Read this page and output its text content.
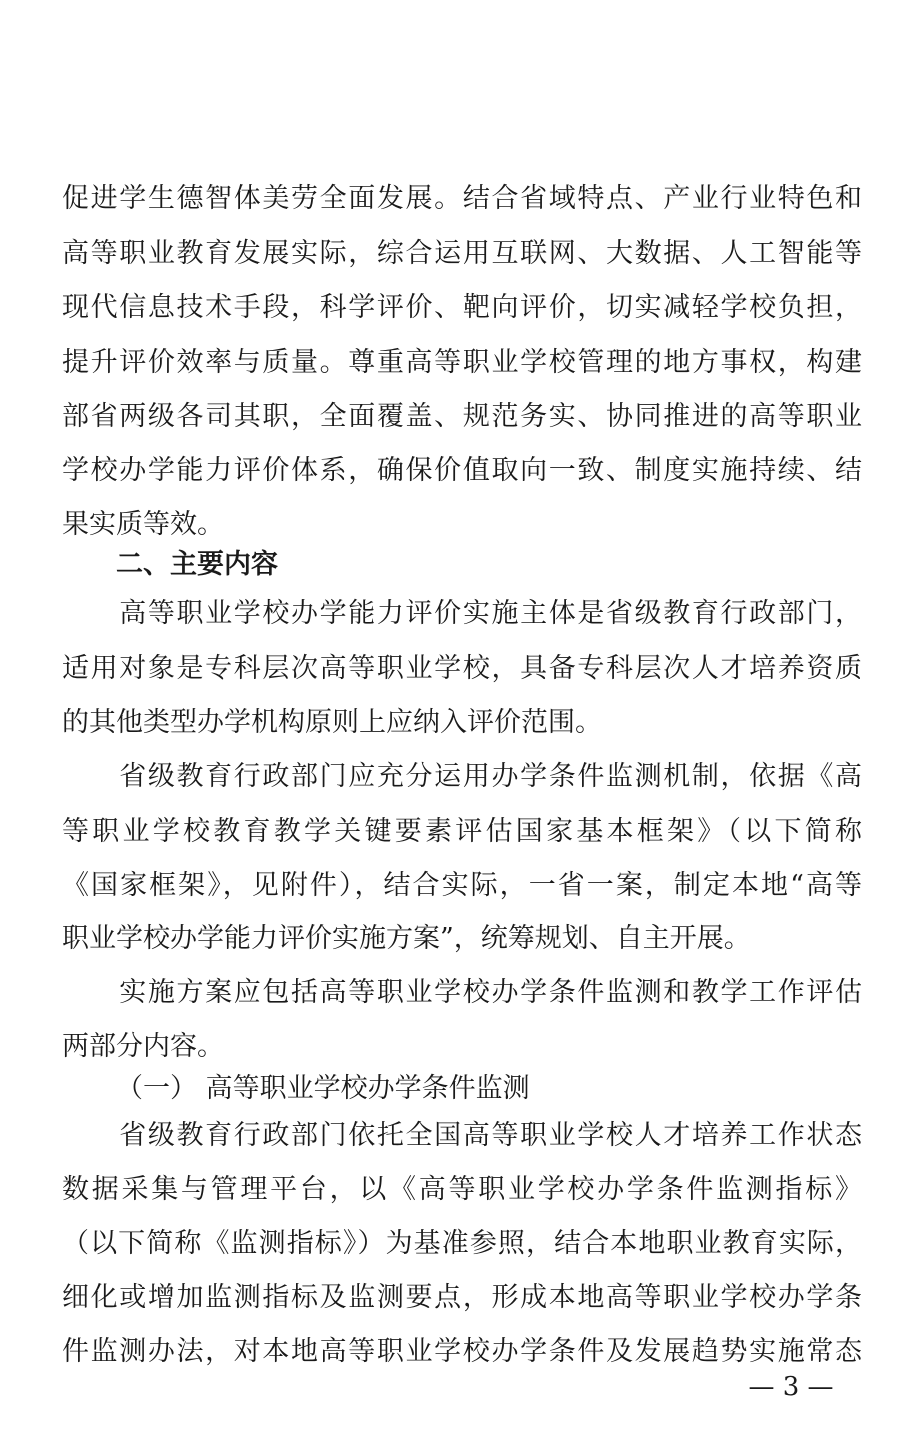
促进学生德智体美劳全面发展。结合省域特点、产业行业特色和
高等职业教育发展实际，综合运用互联网、大数据、人工智能等
现代信息技术手段，科学评价、靶向评价，切实减轻学校负担，
提升评价效率与质量。尊重高等职业学校管理的地方事权，构建
部省两级各司其职，全面覆盖、规范务实、协同推进的高等职业
学校办学能力评价体系，确保价值取向一致、制度实施持续、结
果实质等效。
二、主要内容
　　高等职业学校办学能力评价实施主体是省级教育行政部门，
适用对象是专科层次高等职业学校，具备专科层次人才培养资质
的其他类型办学机构原则上应纳入评价范围。
　　省级教育行政部门应充分运用办学条件监测机制，依据《高
等职业学校教育教学关键要素评估国家基本框架》（以下简称
《国家框架》，见附件），结合实际，一省一案，制定本地“高等
职业学校办学能力评价实施方案”，统筹规划、自主开展。
　　实施方案应包括高等职业学校办学条件监测和教学工作评估
两部分内容。
（一） 高等职业学校办学条件监测
　　省级教育行政部门依托全国高等职业学校人才培养工作状态
数据采集与管理平台，以《高等职业学校办学条件监测指标》
（以下简称《监测指标》）为基准参照，结合本地职业教育实际，
细化或增加监测指标及监测要点，形成本地高等职业学校办学条
件监测办法，对本地高等职业学校办学条件及发展趋势实施常态
— 3 —
